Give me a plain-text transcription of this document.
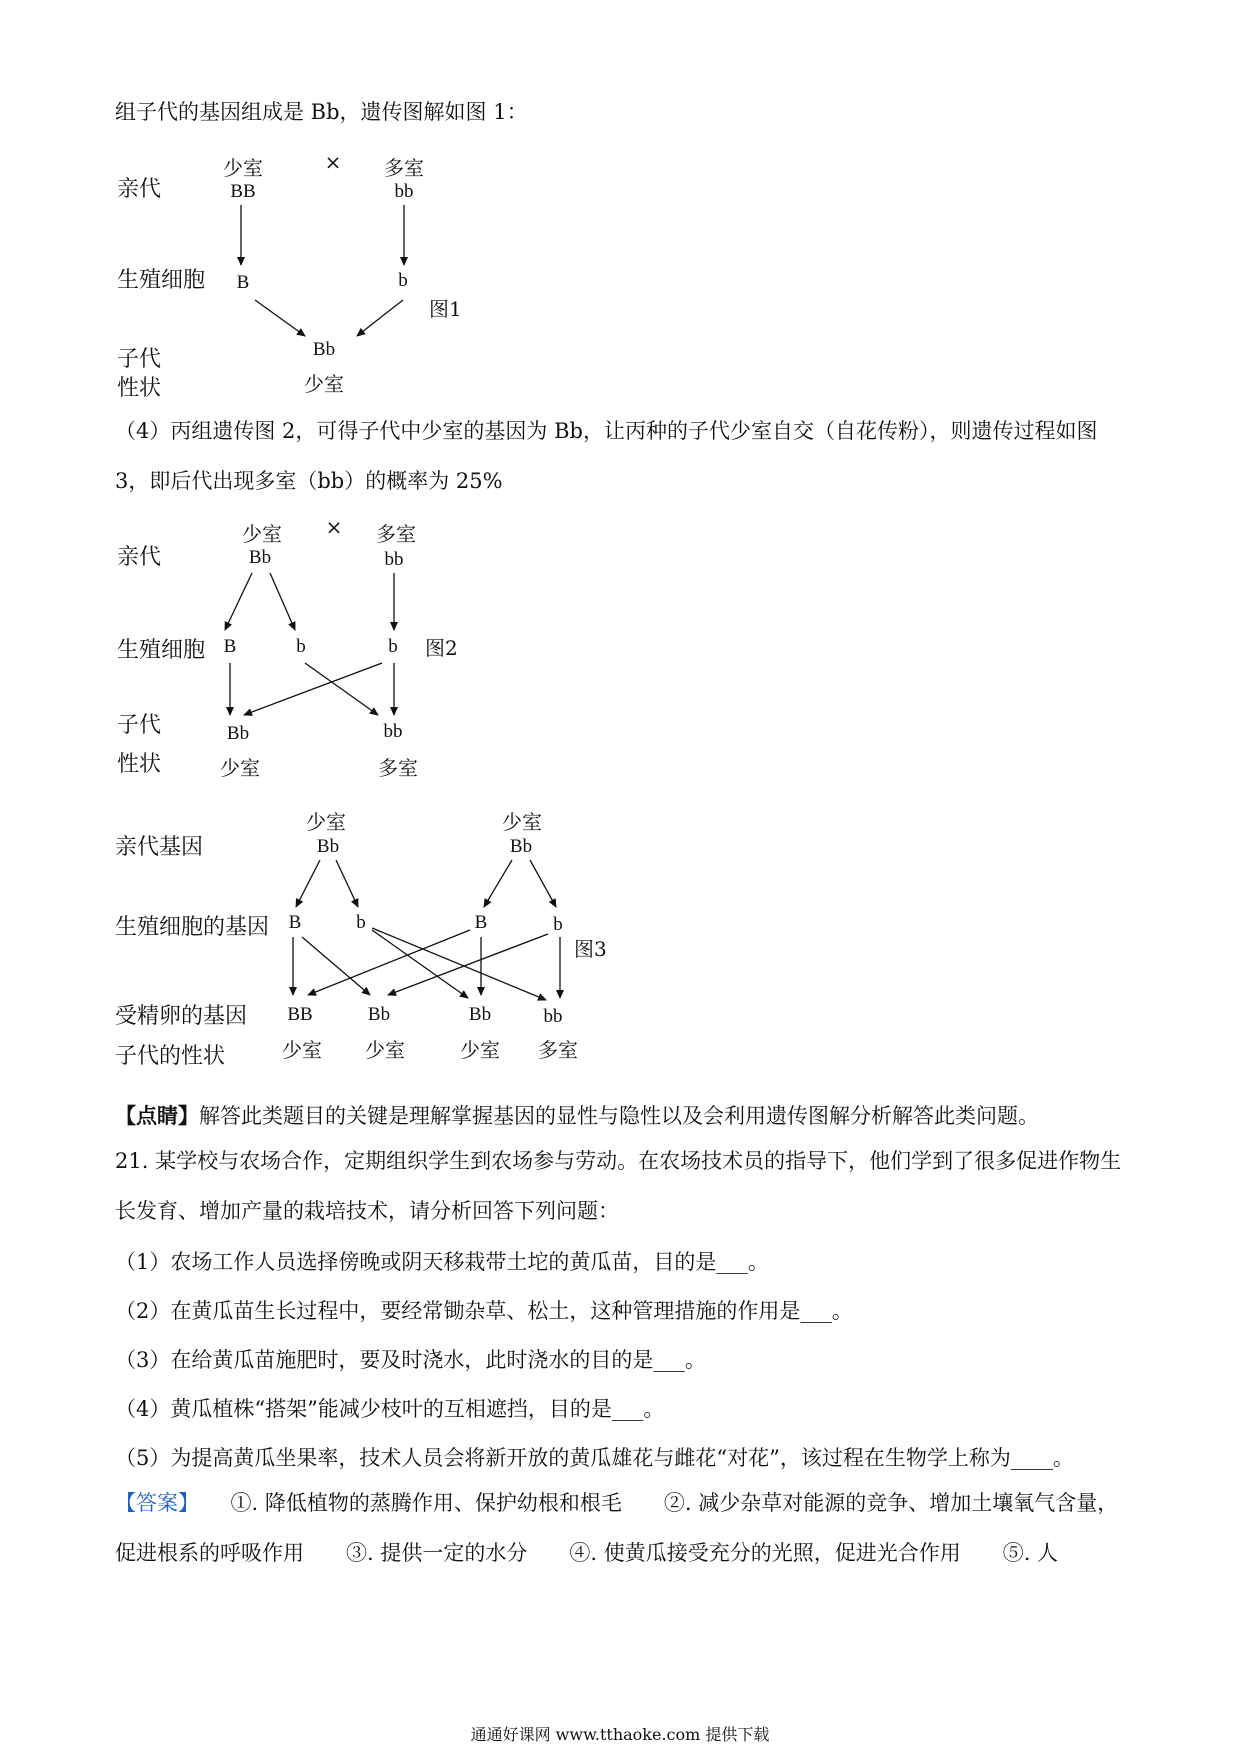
组子代的基因组成是 Bb，遗传图解如图 1：
亲代
生殖细胞
子代
性状
少室
BB
× 多室
bb
B	b
图1
Bb
少室
（4）丙组遗传图 2，可得子代中少室的基因为 Bb，让丙种的子代少室自交（自花传粉），则遗传过程如图
3，即后代出现多室（bb）的概率为 25%
亲代
生殖细胞
子代
性状
少室
Bb
× 多室
bb
B	b	b 图2
Bb
少室
bb
多室
亲代基因
生殖细胞的基因
受精卵的基因
子代的性状
少室
Bb
少室
Bb
B	b	B	b
图3
BB
少室
Bb
少室
Bb
少室
bb
多室
【点睛】解答此类题目的关键是理解掌握基因的显性与隐性以及会利用遗传图解分析解答此类问题。
21. 某学校与农场合作，定期组织学生到农场参与劳动。在农场技术员的指导下，他们学到了很多促进作物生长发育、增加产量的栽培技术，请分析回答下列问题：
（1）农场工作人员选择傍晚或阴天移栽带土坨的黄瓜苗，目的是___。
（2）在黄瓜苗生长过程中，要经常锄杂草、松土，这种管理措施的作用是___。
（3）在给黄瓜苗施肥时，要及时浇水，此时浇水的目的是___。
（4）黄瓜植株“搭架”能减少枝叶的互相遮挡，目的是___。
（5）为提高黄瓜坐果率，技术人员会将新开放的黄瓜雄花与雌花“对花”，该过程在生物学上称为____。
【答案】　　 ①. 降低植物的蒸腾作用、保护幼根和根毛　　②. 减少杂草对能源的竞争、增加土壤氧气含量，促进根系的呼吸作用　　③. 提供一定的水分　　④. 使黄瓜接受充分的光照，促进光合作用　　⑤. 人
通通好课网 www.tthaoke.com 提供下载
